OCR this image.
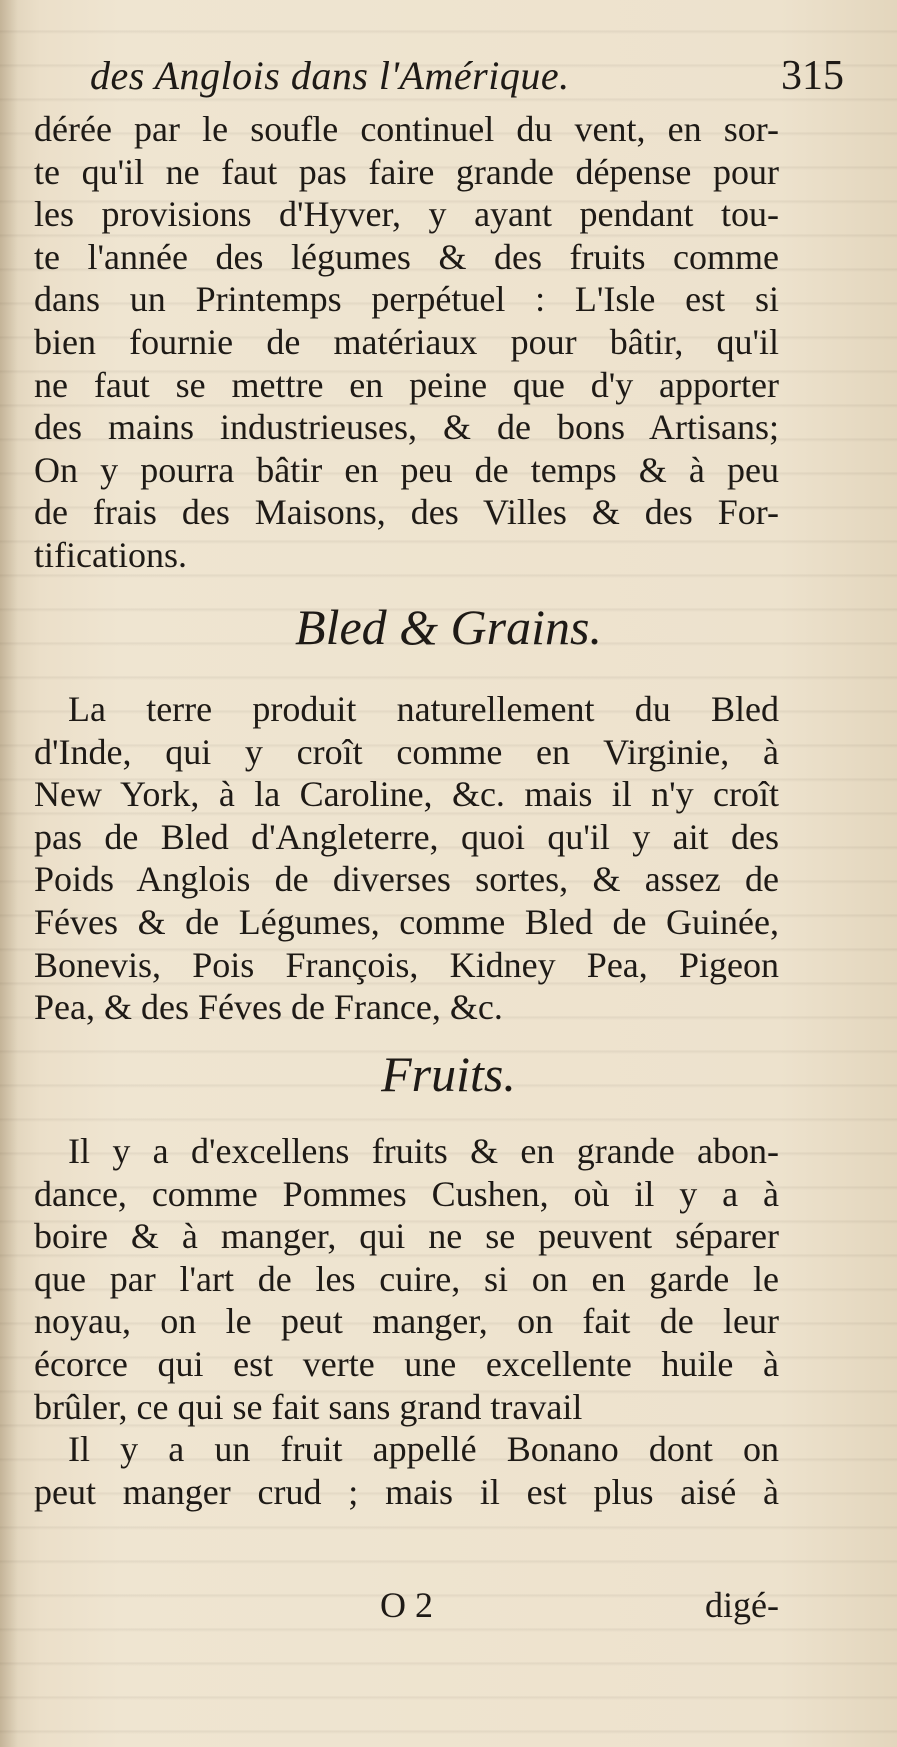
des Anglois dans l'Amérique.	315
dérée par le soufle continuel du vent, en sor-
te qu'il ne faut pas faire grande dépense pour
les provisions d'Hyver, y ayant pendant tou-
te l'année des légumes & des fruits comme
dans un Printemps perpétuel : L'Isle est si
bien fournie de matériaux pour bâtir, qu'il
ne faut se mettre en peine que d'y apporter
des mains industrieuses, & de bons Artisans;
On y pourra bâtir en peu de temps & à peu
de frais des Maisons, des Villes & des For-
tifications.
Bled & Grains.
La terre produit naturellement du Bled
d'Inde, qui y croît comme en Virginie, à
New York, à la Caroline, &c. mais il n'y croît
pas de Bled d'Angleterre, quoi qu'il y ait des
Poids Anglois de diverses sortes, & assez de
Féves & de Légumes, comme Bled de Guinée,
Bonevis, Pois François, Kidney Pea, Pigeon
Pea, & des Féves de France, &c.
Fruits.
Il y a d'excellens fruits & en grande abon-
dance, comme Pommes Cushen, où il y a à
boire & à manger, qui ne se peuvent séparer
que par l'art de les cuire, si on en garde le
noyau, on le peut manger, on fait de leur
écorce qui est verte une excellente huile à
brûler, ce qui se fait sans grand travail
Il y a un fruit appellé Bonano dont on
peut manger crud ; mais il est plus aisé à
O 2	digé-
